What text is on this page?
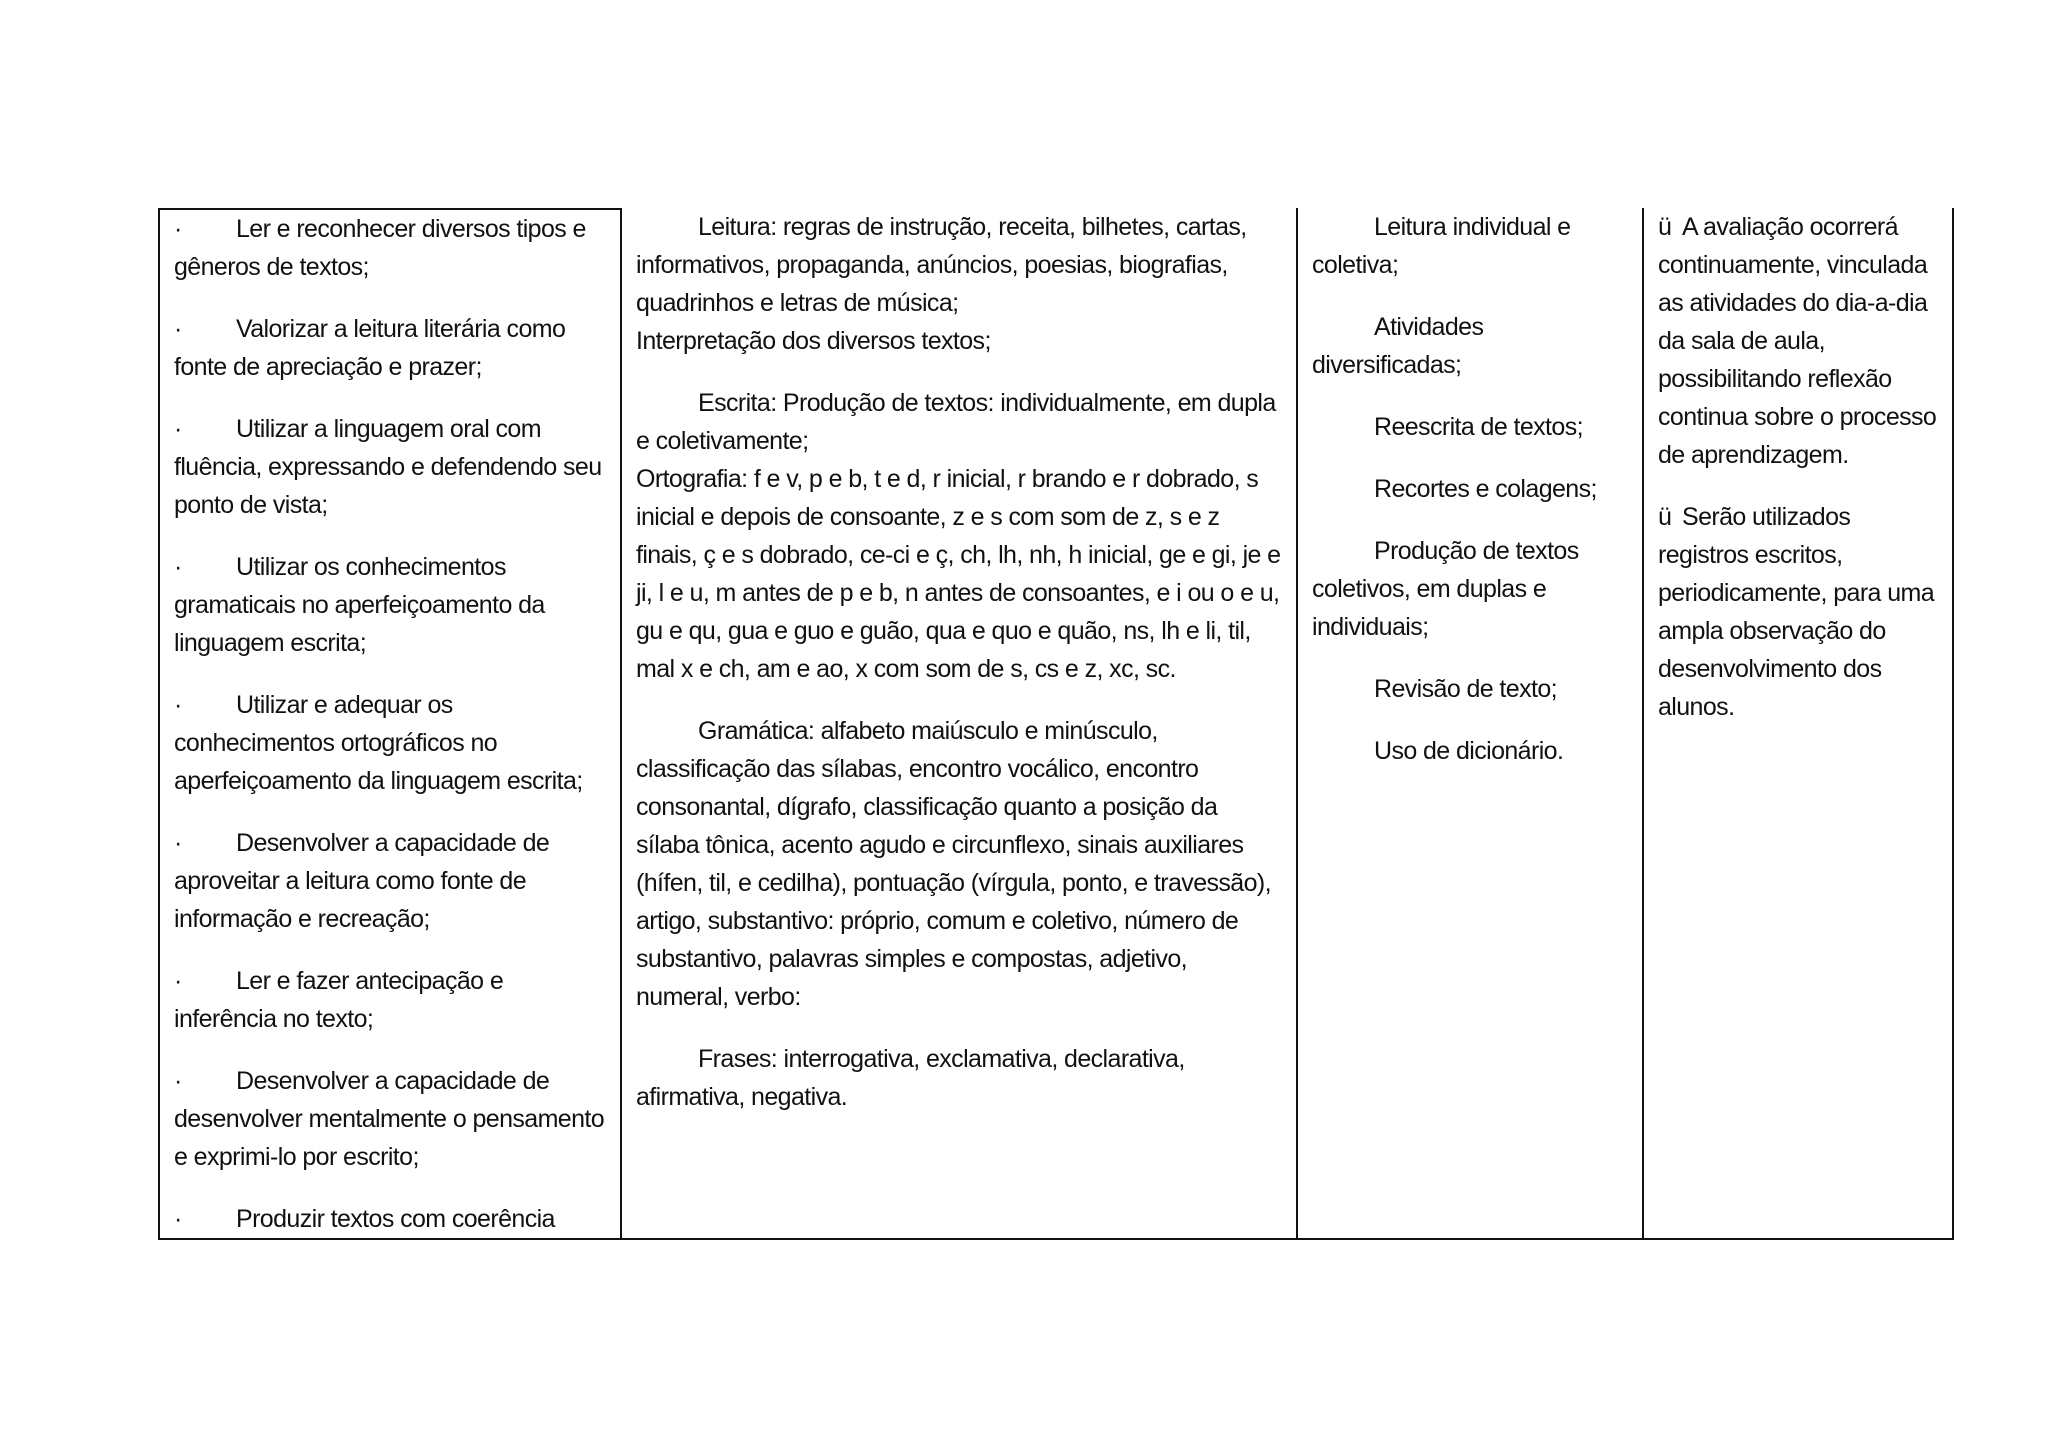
· Ler e reconhecer diversos tipos e gêneros de textos;
· Valorizar a leitura literária como fonte de apreciação e prazer;
· Utilizar a linguagem oral com fluência, expressando e defendendo seu ponto de vista;
· Utilizar os conhecimentos gramaticais no aperfeiçoamento da linguagem escrita;
· Utilizar e adequar os conhecimentos ortográficos no aperfeiçoamento da linguagem escrita;
· Desenvolver a capacidade de aproveitar a leitura como fonte de informação e recreação;
· Ler e fazer antecipação e inferência no texto;
· Desenvolver a capacidade de desenvolver mentalmente o pensamento e exprimi-lo por escrito;
· Produzir textos com coerência

Leitura: regras de instrução, receita, bilhetes, cartas, informativos, propaganda, anúncios, poesias, biografias, quadrinhos e letras de música;

Interpretação dos diversos textos;

Escrita: Produção de textos: individualmente, em dupla e coletivamente;

Ortografia: f e v, p e b, t e d, r inicial, r brando e r dobrado, s inicial e depois de consoante, z e s com som de z, s e z finais, ç e s dobrado, ce-ci e ç, ch, lh, nh, h inicial, ge e gi, je e ji, l e u, m antes de p e b, n antes de consoantes, e i ou o e u, gu e qu, gua e guo e guão, qua e quo e quão, ns, lh e li, til, mal x e ch, am e ao, x com som de s, cs e z, xc, sc.

Gramática: alfabeto maiúsculo e minúsculo, classificação das sílabas, encontro vocálico, encontro consonantal, dígrafo, classificação quanto a posição da sílaba tônica, acento agudo e circunflexo, sinais auxiliares (hífen, til, e cedilha), pontuação (vírgula, ponto, e travessão), artigo, substantivo: próprio, comum e coletivo, número de substantivo, palavras simples e compostas, adjetivo, numeral, verbo:

Frases: interrogativa, exclamativa, declarativa, afirmativa, negativa.

Leitura individual e coletiva;

Atividades diversificadas;

Reescrita de textos;

Recortes e colagens;

Produção de textos coletivos, em duplas e individuais;

Revisão de texto;

Uso de dicionário.

ü A avaliação ocorrerá continuamente, vinculada as atividades do dia-a-dia da sala de aula, possibilitando reflexão continua sobre o processo de aprendizagem.
ü Serão utilizados registros escritos, periodicamente, para uma ampla observação do desenvolvimento dos alunos.
